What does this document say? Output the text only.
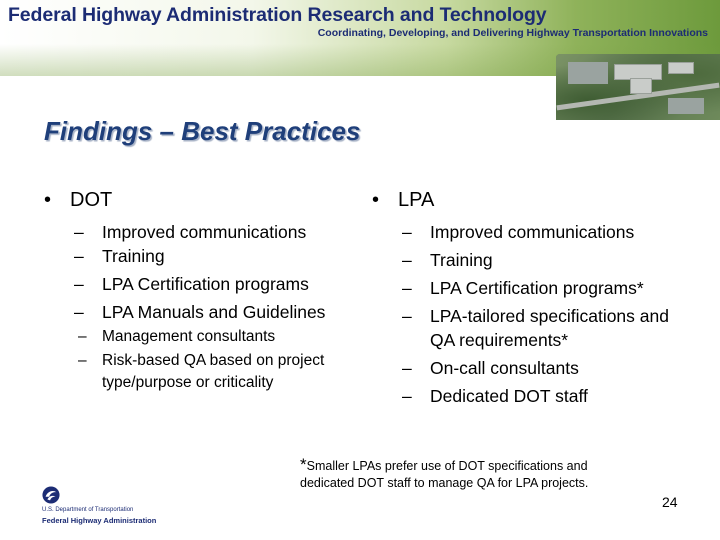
Federal Highway Administration Research and Technology
Coordinating, Developing, and Delivering Highway Transportation Innovations
Findings – Best Practices
• DOT
– Improved communications
– Training
– LPA Certification programs
– LPA Manuals and Guidelines
– Management consultants
– Risk-based QA based on project type/purpose or criticality
• LPA
– Improved communications
– Training
– LPA Certification programs*
– LPA-tailored specifications and QA requirements*
– On-call consultants
– Dedicated DOT staff
*Smaller LPAs prefer use of DOT specifications and dedicated DOT staff to manage QA for LPA projects.
24
U.S. Department of Transportation
Federal Highway Administration
